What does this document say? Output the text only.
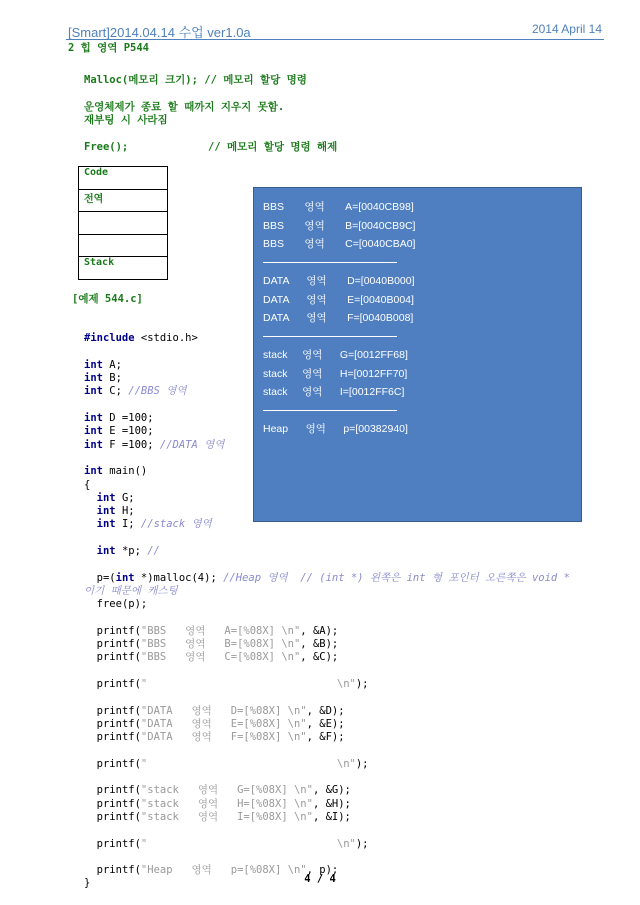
[Smart]2014.04.14 수업 ver1.0a	2014 April 14
2 힙 영역 P544
Malloc(메모리 크기); // 메모리 할당 명령
운영체제가 종료 할 때까지 지우지 못함.
재부팅 시 사라짐
Free();	// 메모리 할당 명령 해제
Code
전역

Stack
[예제 544.c]

#include <stdio.h>

int A;
int B;
int C; //BBS 영역

int D =100;
int E =100;
int F =100; //DATA 영역

int main()
{
int G;
int H;
int I; //stack 영역

int *p; //

p=(int *)malloc(4); //Heap 영역  // (int *) 왼쪽은 int 형 포인터 오른쪽은 void *
이기 때문에 캐스팅
free(p);

printf("BBS   영역   A=[%08X] \n", &A);
printf("BBS   영역   B=[%08X] \n", &B);
printf("BBS   영역   C=[%08X] \n", &C);

printf("                              \n");

printf("DATA   영역   D=[%08X] \n", &D);
printf("DATA   영역   E=[%08X] \n", &E);
printf("DATA   영역   F=[%08X] \n", &F);

printf("                              \n");

printf("stack   영역   G=[%08X] \n", &G);
printf("stack   영역   H=[%08X] \n", &H);
printf("stack   영역   I=[%08X] \n", &I);

printf("                              \n");

printf("Heap   영역   p=[%08X] \n", p);
}

BBS       영역       A=[0040CB98]
BBS       영역       B=[0040CB9C]
BBS       영역       C=[0040CBA0]
DATA      영역       D=[0040B000]
DATA      영역       E=[0040B004]
DATA      영역       F=[0040B008]
stack     영역      G=[0012FF68]
stack     영역      H=[0012FF70]
stack     영역      I=[0012FF6C]
Heap      영역      p=[00382940]
4 / 4
